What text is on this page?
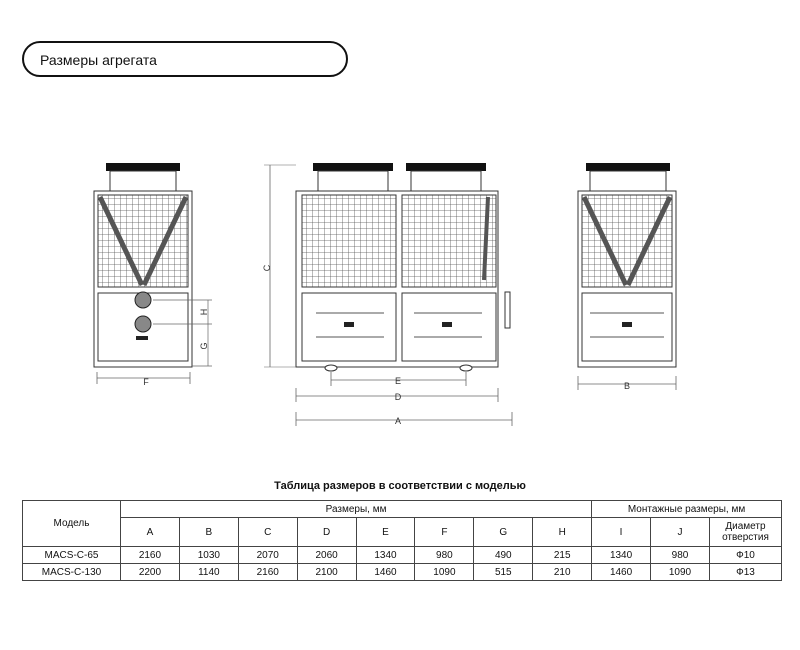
Размеры агрегата
F
H
G
C
E
D
A
B
Таблица размеров в соответствии с моделью
Модель	Размеры, мм								Монтажные размеры, мм		
	A	B	C	D	E	F	G	H	I	J	Диаметр отверстия
MACS-C-65	2160	1030	2070	2060	1340	980	490	215	1340	980	Ф10
MACS-C-130	2200	1140	2160	2100	1460	1090	515	210	1460	1090	Ф13
